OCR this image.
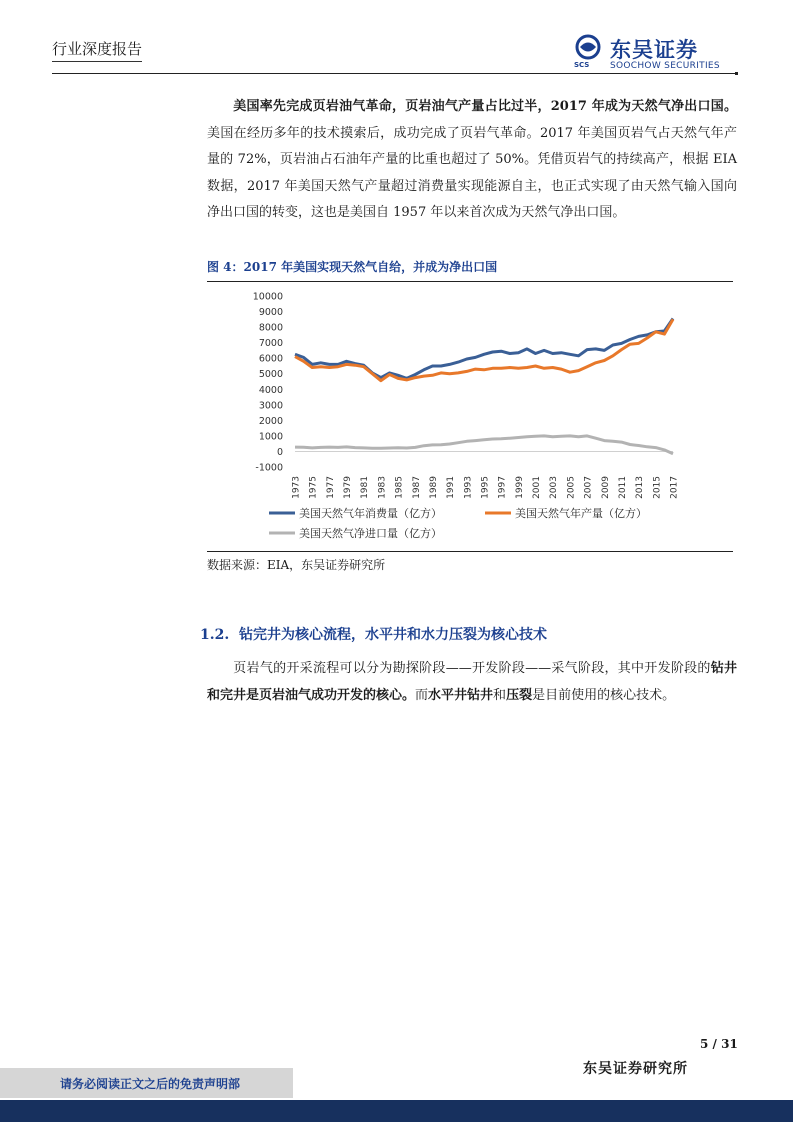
行业深度报告
SCS
东吴证券
SOOCHOW SECURITIES
美国率先完成页岩油气革命，页岩油气产量占比过半，2017 年成为天然气净出口国。美国在经历多年的技术摸索后，成功完成了页岩气革命。2017 年美国页岩气占天然气年产量的 72%，页岩油占石油年产量的比重也超过了 50%。凭借页岩气的持续高产，根据 EIA 数据，2017 年美国天然气产量超过消费量实现能源自主，也正式实现了由天然气输入国向净出口国的转变，这也是美国自 1957 年以来首次成为天然气净出口国。
图 4：2017 年美国实现天然气自给，并成为净出口国
10000
9000
8000
7000
6000
5000
4000
3000
2000
1000
0
-1000
1973 1975 1977 1979 1981 1983 1985 1987 1989 1991 1993 1995 1997 1999 2001 2003 2005 2007 2009 2011 2013 2015 2017
美国天然气年消费量（亿方）	美国天然气年产量（亿方）
美国天然气净进口量（亿方）
数据来源：EIA，东吴证券研究所
1.2. 钻完井为核心流程，水平井和水力压裂为核心技术
页岩气的开采流程可以分为勘探阶段——开发阶段——采气阶段，其中开发阶段的钻井和完井是页岩油气成功开发的核心。而水平井钻井和压裂是目前使用的核心技术。
5 / 31
东吴证券研究所
请务必阅读正文之后的免责声明部
